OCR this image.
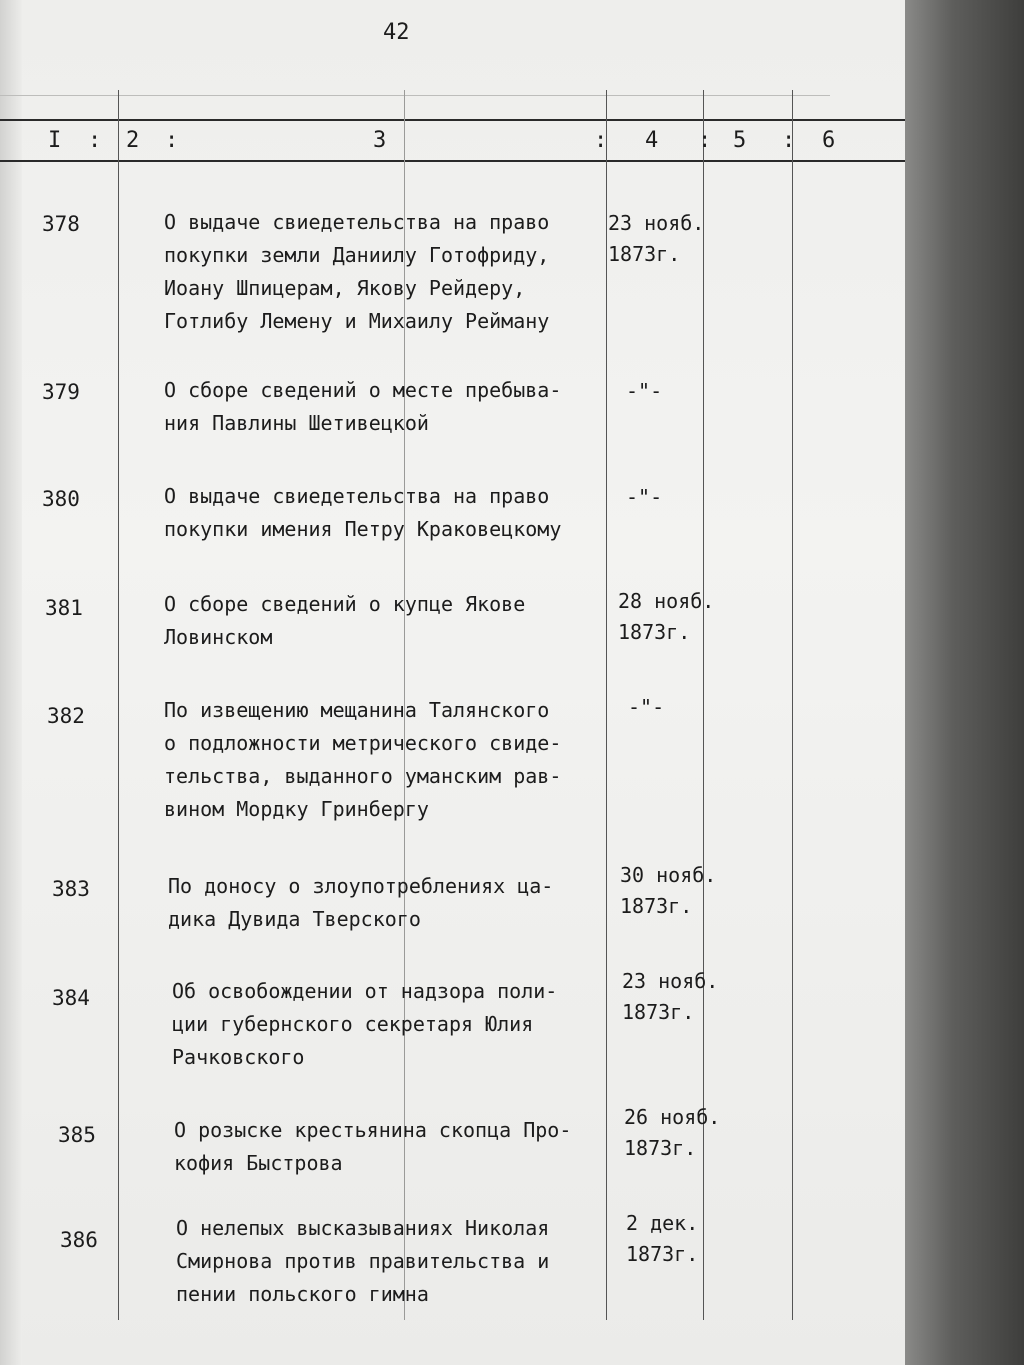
42
I : 2 :	3	: 4 : 5 : 6
378	О выдаче свиедетельства на право
покупки земли Даниилу Готофриду,
Иоану Шпицерам, Якову Рейдеру,
Готлибу Лемену и Михаилу Рейману
23 нояб.
1873г.
379	О сборе сведений о месте пребыва-
ния Павлины Шетивецкой
-"-
380	О выдаче свиедетельства на право
покупки имения Петру Краковецкому
-"-
381	О сборе сведений о купце Якове
Ловинском
28 нояб.
1873г.
382	По извещению мещанина Талянского
о подложности метрического свиде-
тельства, выданного уманским рав-
вином Мордку Гринбергу
-"-
383	По доносу о злоупотреблениях ца-
дика Дувида Тверского
30 нояб.
1873г.
384	Об освобождении от надзора поли-
ции губернского секретаря Юлия
Рачковского
23 нояб.
1873г.
385	О розыске крестьянина скопца Про-
кофия Быстрова
26 нояб.
1873г.
386	О нелепых высказываниях Николая
Смирнова против правительства и
пении польского гимна
2 дек.
1873г.
